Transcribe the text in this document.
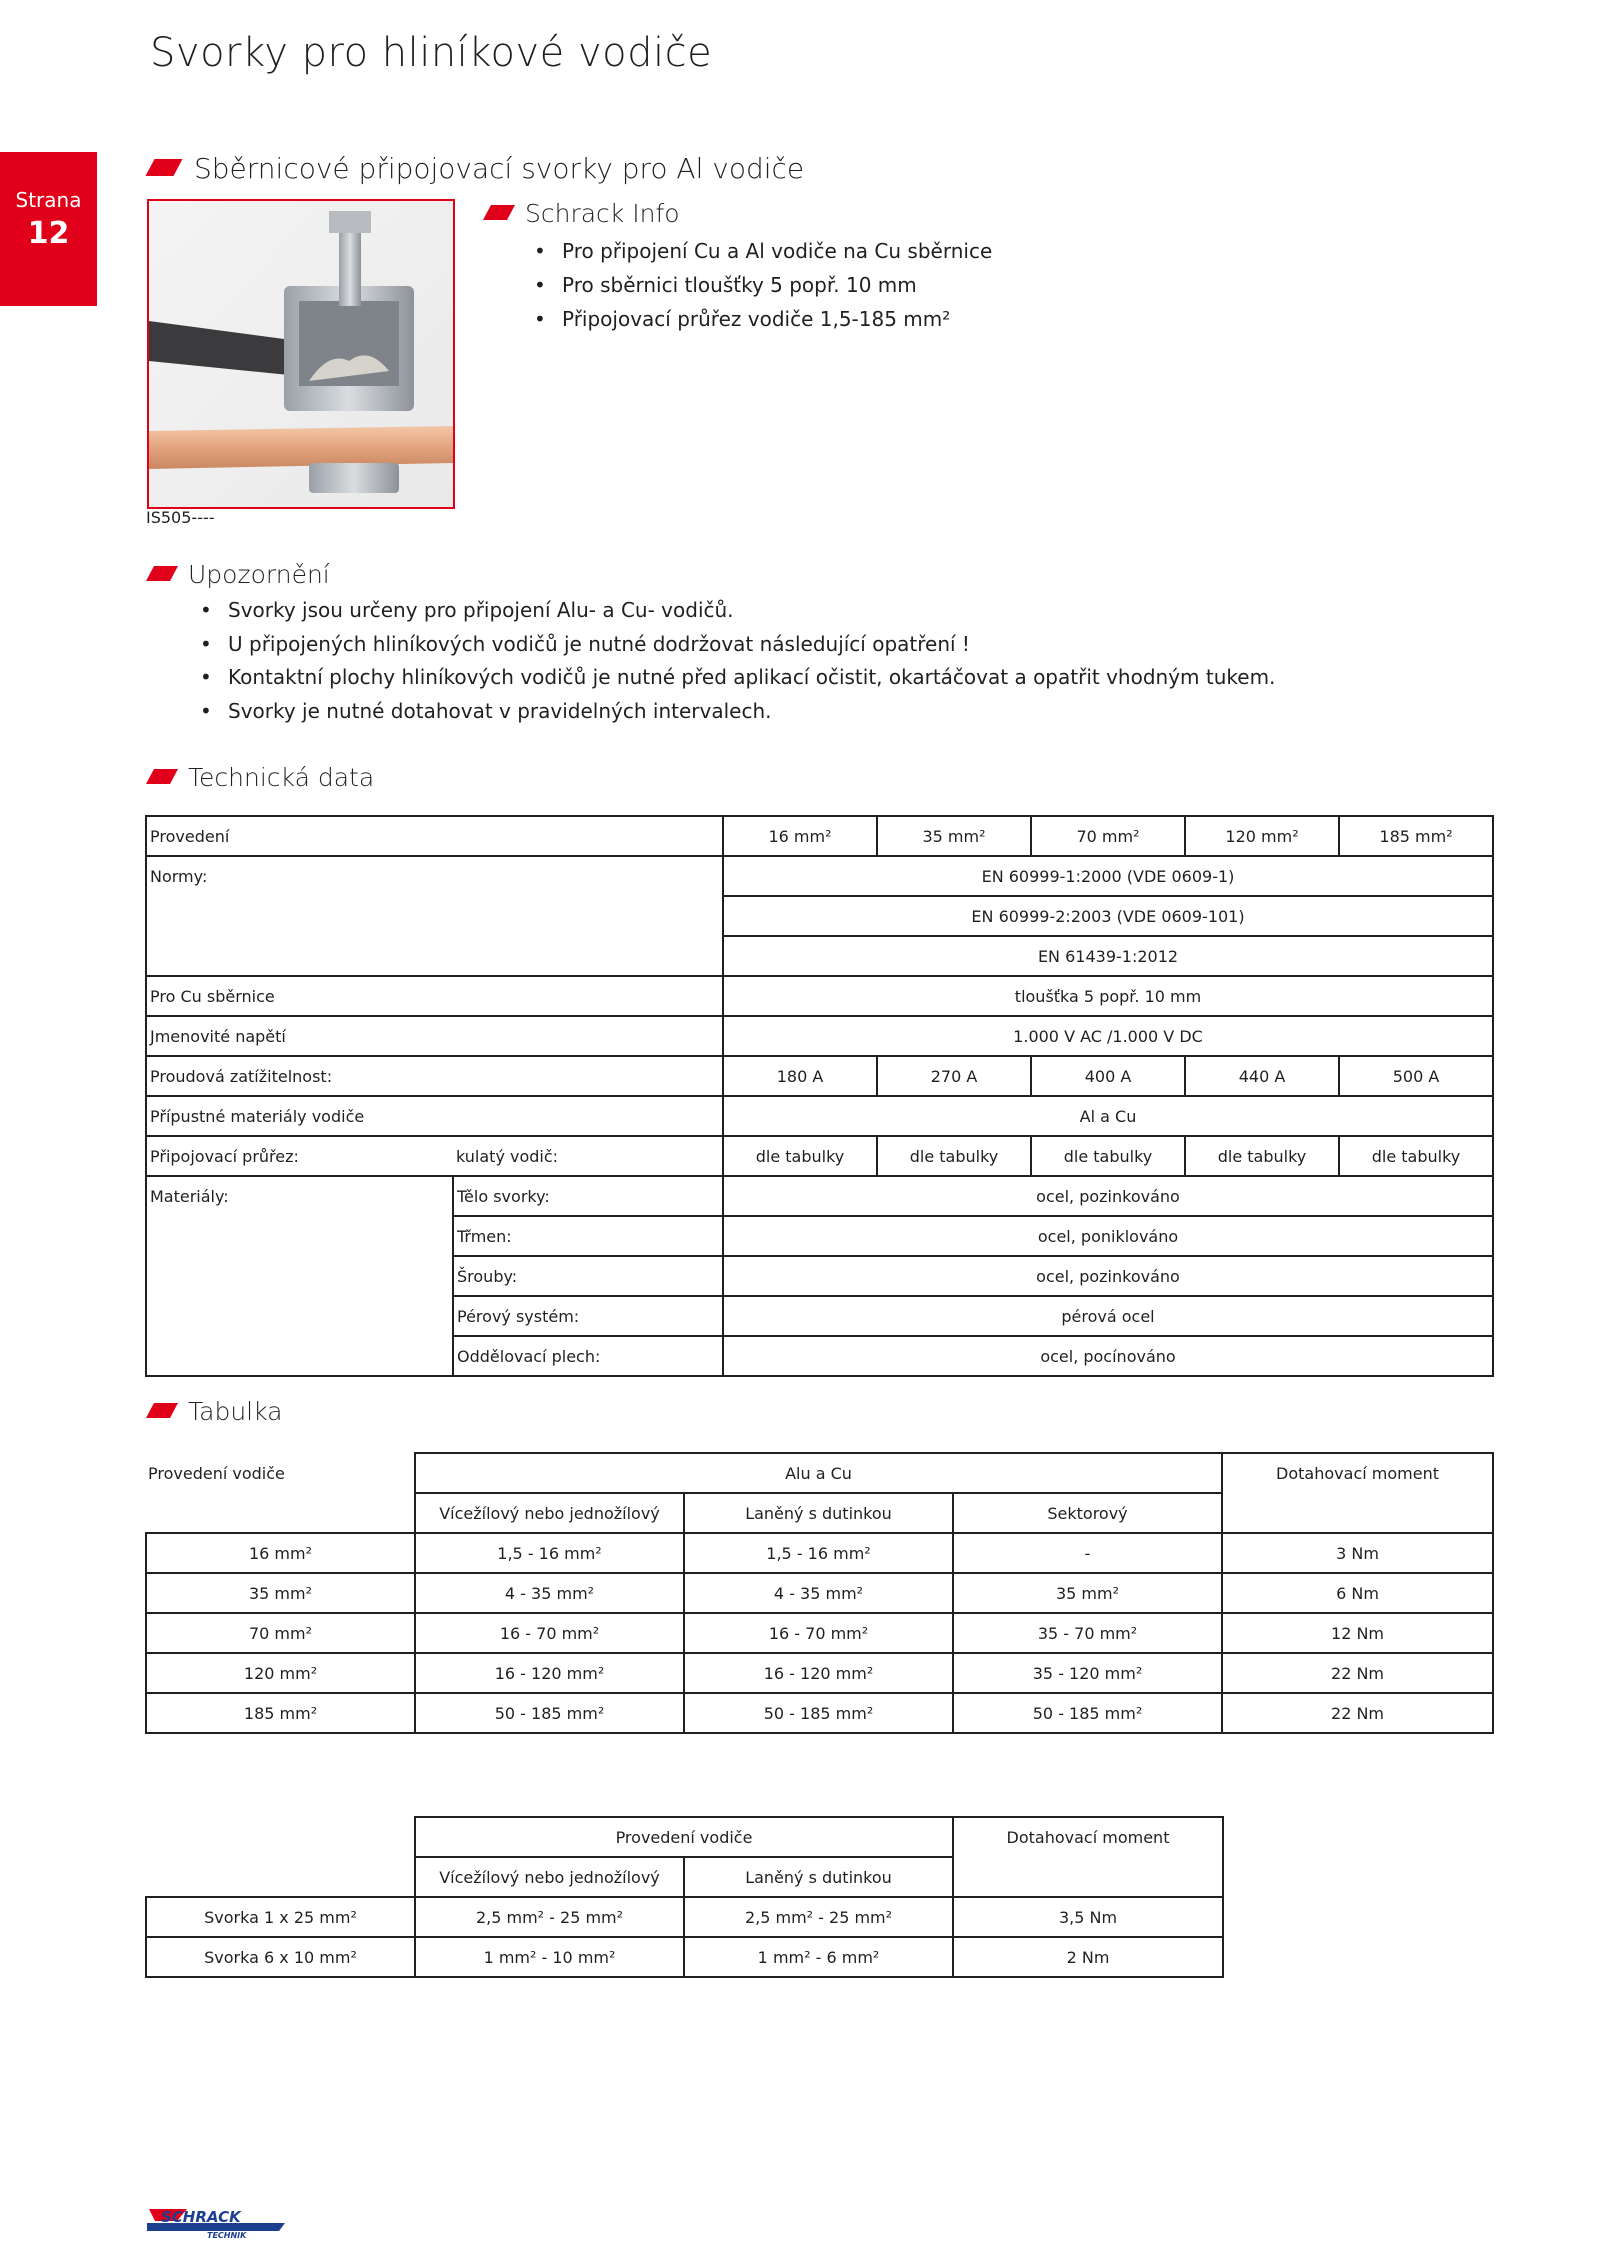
Svorky pro hliníkové vodiče
Strana
12
Sběrnicové připojovací svorky pro Al vodiče
IS505----
Schrack Info
• Pro připojení Cu a Al vodiče na Cu sběrnice
• Pro sběrnici tloušťky 5 popř. 10 mm
• Připojovací průřez vodiče 1,5-185 mm²
Upozornění
• Svorky jsou určeny pro připojení Alu- a Cu- vodičů.
• U připojených hliníkových vodičů je nutné dodržovat následující opatření !
• Kontaktní plochy hliníkových vodičů je nutné před aplikací očistit, okartáčovat a opatřit vhodným tukem.
• Svorky je nutné dotahovat v pravidelných intervalech.
Technická data
Provedení		16 mm²	35 mm²	70 mm²	120 mm²	185 mm²
Normy:		EN 60999-1:2000 (VDE 0609-1)				
		EN 60999-2:2003 (VDE 0609-101)				
		EN 61439-1:2012				
Pro Cu sběrnice		tloušťka 5 popř. 10 mm				
Jmenovité napětí		1.000 V AC /1.000 V DC				
Proudová zatížitelnost:		180 A	270 A	400 A	440 A	500 A
Přípustné materiály vodiče		Al a Cu				
Připojovací průřez:	kulatý vodič:	dle tabulky	dle tabulky	dle tabulky	dle tabulky	dle tabulky
Materiály:	Tělo svorky:	ocel, pozinkováno				
	Třmen:	ocel, poniklováno				
	Šrouby:	ocel, pozinkováno				
	Pérový systém:	pérová ocel				
	Oddělovací plech:	ocel, pocínováno				
Tabulka
Provedení vodiče	Alu a Cu			Dotahovací moment
	Vícežílový nebo jednožílový	Laněný s dutinkou	Sektorový	
16 mm²	1,5 - 16 mm²	1,5 - 16 mm²	-	3 Nm
35 mm²	4 - 35 mm²	4 - 35 mm²	35 mm²	6 Nm
70 mm²	16 - 70 mm²	16 - 70 mm²	35 - 70 mm²	12 Nm
120 mm²	16 - 120 mm²	16 - 120 mm²	35 - 120 mm²	22 Nm
185 mm²	50 - 185 mm²	50 - 185 mm²	50 - 185 mm²	22 Nm
	Provedení vodiče		Dotahovací moment
	Vícežílový nebo jednožílový	Laněný s dutinkou	
Svorka 1 x 25 mm²	2,5 mm² - 25 mm²	2,5 mm² - 25 mm²	3,5 Nm
Svorka 6 x 10 mm²	1 mm² - 10 mm²	1 mm² - 6 mm²	2 Nm
SCHRACK
TECHNIK
